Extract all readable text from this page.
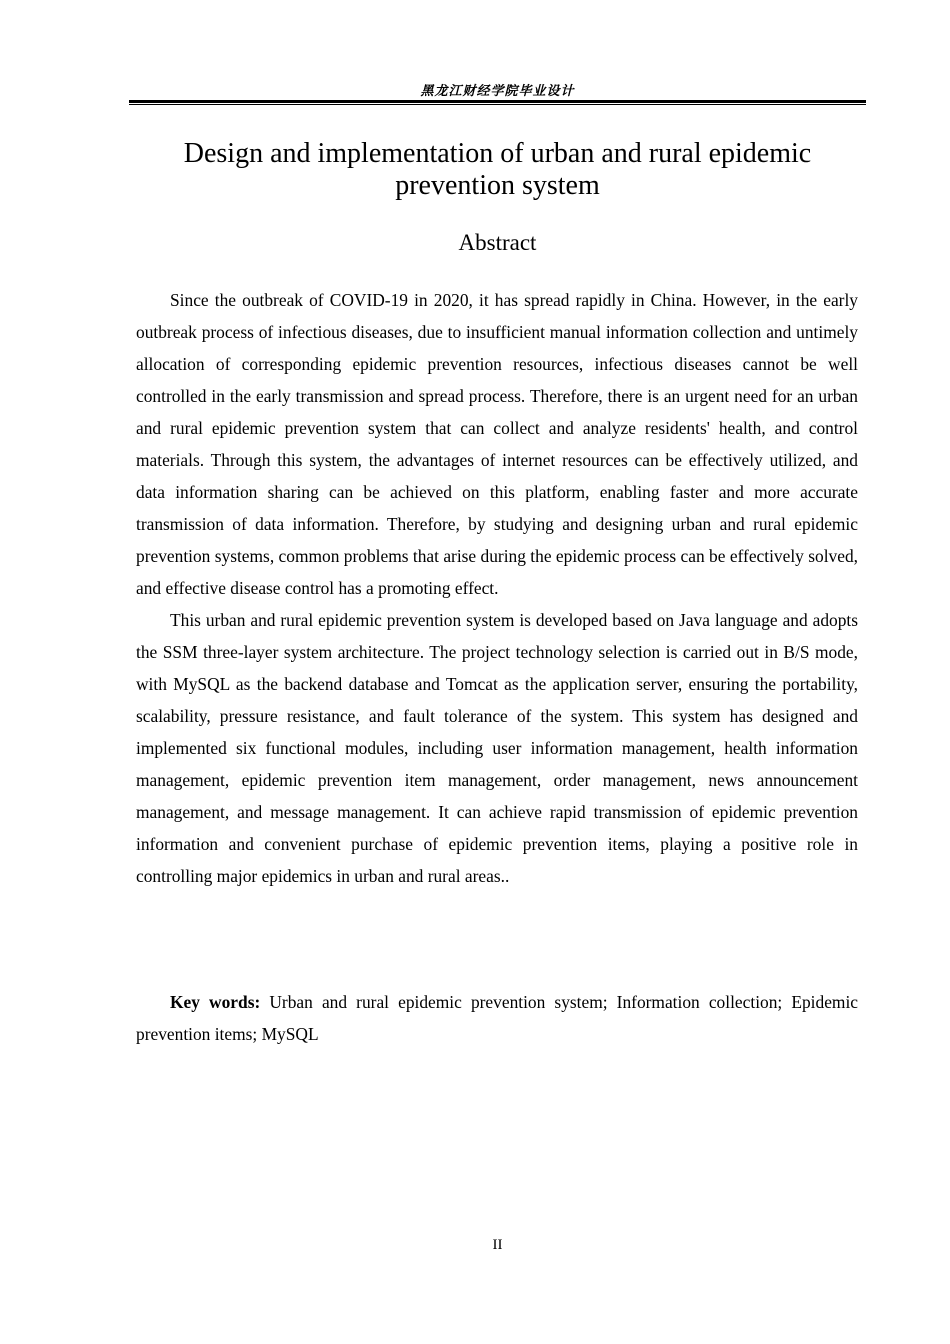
黑龙江财经学院毕业设计
Design and implementation of urban and rural epidemic prevention system
Abstract

Since the outbreak of COVID-19 in 2020, it has spread rapidly in China. However, in the early outbreak process of infectious diseases, due to insufficient manual information collection and untimely allocation of corresponding epidemic prevention resources, infectious diseases cannot be well controlled in the early transmission and spread process. Therefore, there is an urgent need for an urban and rural epidemic prevention system that can collect and analyze residents' health, and control materials. Through this system, the advantages of internet resources can be effectively utilized, and data information sharing can be achieved on this platform, enabling faster and more accurate transmission of data information. Therefore, by studying and designing urban and rural epidemic prevention systems, common problems that arise during the epidemic process can be effectively solved, and effective disease control has a promoting effect.

This urban and rural epidemic prevention system is developed based on Java language and adopts the SSM three-layer system architecture. The project technology selection is carried out in B/S mode, with MySQL as the backend database and Tomcat as the application server, ensuring the portability, scalability, pressure resistance, and fault tolerance of the system. This system has designed and implemented six functional modules, including user information management, health information management, epidemic prevention item management, order management, news announcement management, and message management. It can achieve rapid transmission of epidemic prevention information and convenient purchase of epidemic prevention items, playing a positive role in controlling major epidemics in urban and rural areas..

Key words: Urban and rural epidemic prevention system; Information collection; Epidemic prevention items; MySQL

II
